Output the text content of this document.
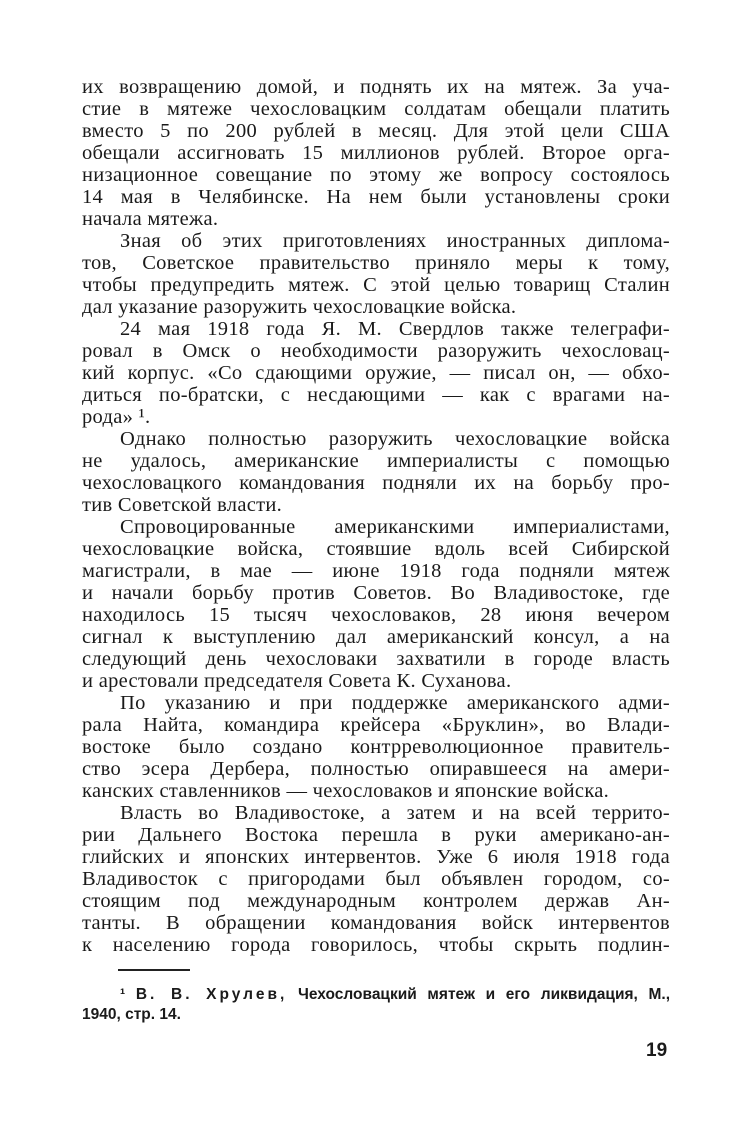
их возвращению домой, и поднять их на мятеж. За уча-
стие в мятеже чехословацким солдатам обещали платить
вместо 5 по 200 рублей в месяц. Для этой цели США
обещали ассигновать 15 миллионов рублей. Второе орга-
низационное совещание по этому же вопросу состоялось
14 мая в Челябинске. На нем были установлены сроки
начала мятежа.
Зная об этих приготовлениях иностранных диплома-
тов, Советское правительство приняло меры к тому,
чтобы предупредить мятеж. С этой целью товарищ Сталин
дал указание разоружить чехословацкие войска.
24 мая 1918 года Я. М. Свердлов также телеграфи-
ровал в Омск о необходимости разоружить чехословац-
кий корпус. «Со сдающими оружие, — писал он, — обхо-
диться по-братски, с несдающими — как с врагами на-
рода» ¹.
Однако полностью разоружить чехословацкие войска
не удалось, американские империалисты с помощью
чехословацкого командования подняли их на борьбу про-
тив Советской власти.
Спровоцированные американскими империалистами,
чехословацкие войска, стоявшие вдоль всей Сибирской
магистрали, в мае — июне 1918 года подняли мятеж
и начали борьбу против Советов. Во Владивостоке, где
находилось 15 тысяч чехословаков, 28 июня вечером
сигнал к выступлению дал американский консул, а на
следующий день чехословаки захватили в городе власть
и арестовали председателя Совета К. Суханова.
По указанию и при поддержке американского адми-
рала Найта, командира крейсера «Бруклин», во Влади-
востоке было создано контрреволюционное правитель-
ство эсера Дербера, полностью опиравшееся на амери-
канских ставленников — чехословаков и японские войска.
Власть во Владивостоке, а затем и на всей террито-
рии Дальнего Востока перешла в руки американо-ан-
глийских и японских интервентов. Уже 6 июля 1918 года
Владивосток с пригородами был объявлен городом, со-
стоящим под международным контролем держав Ан-
танты. В обращении командования войск интервентов
к населению города говорилось, чтобы скрыть подлин-
¹ В. В. Хрулев, Чехословацкий мятеж и его ликвидация, М.,
1940, стр. 14.
19
